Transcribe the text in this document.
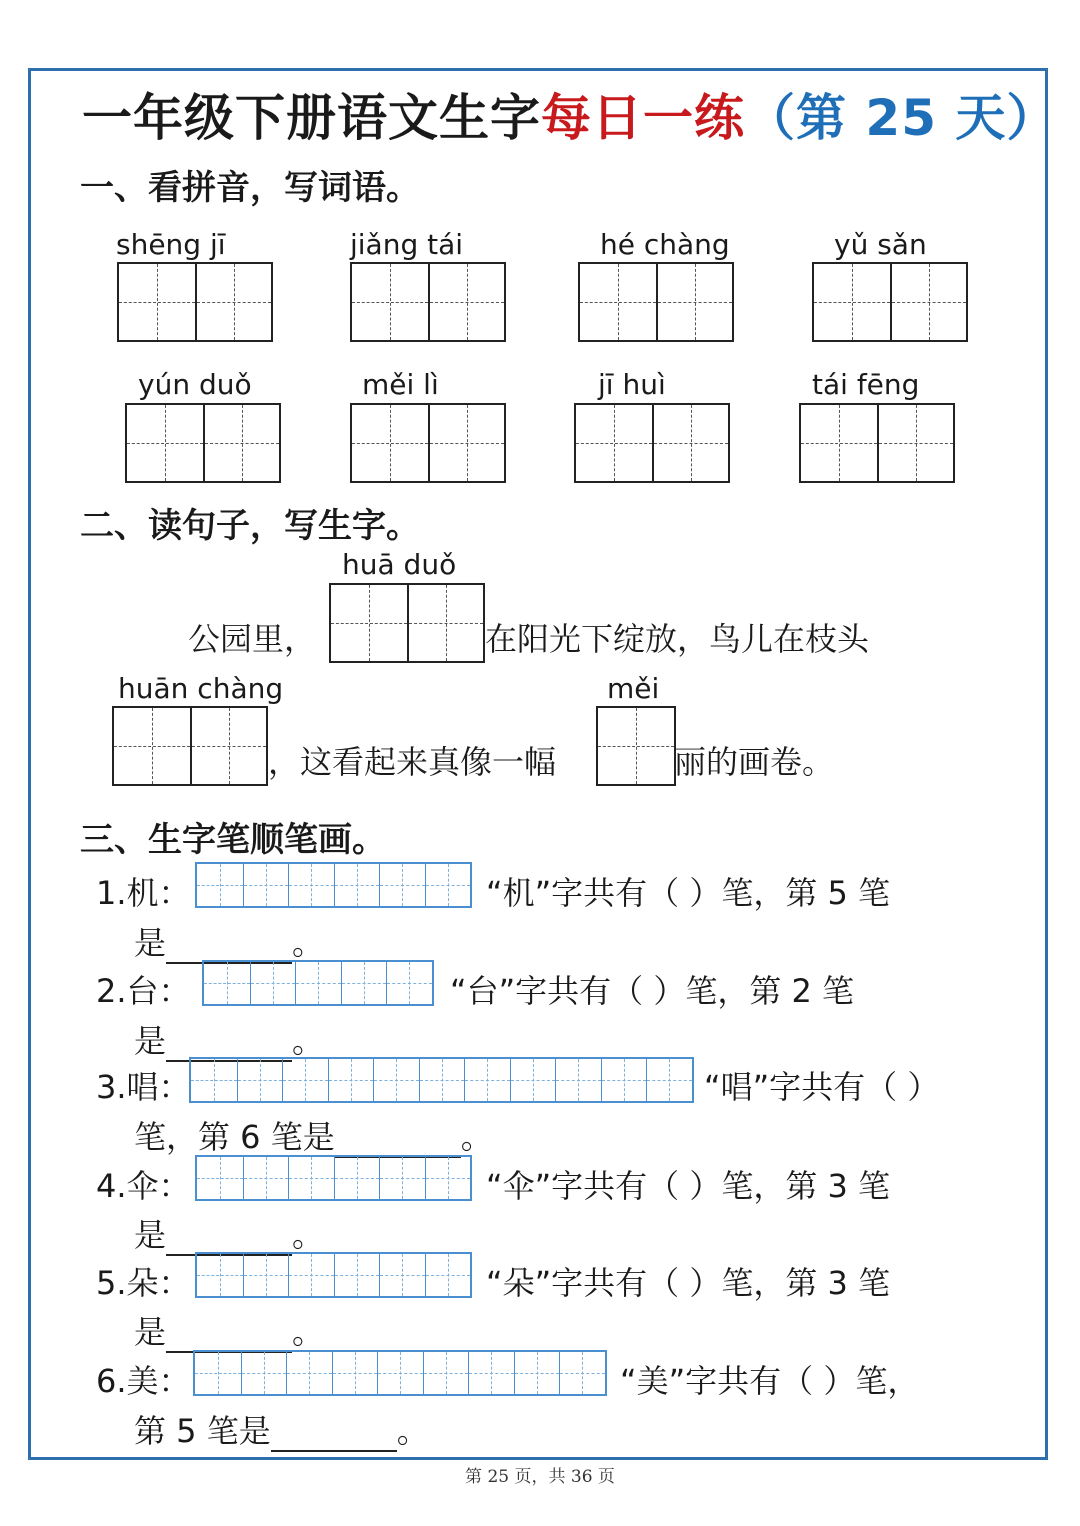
一年级下册语文生字每日一练（第 25 天）
一、看拼音，写词语。
shēng jī	jiǎng tái	hé chàng	yǔ sǎn
yún duǒ	měi lì	jī huì	tái fēng
二、读句子，写生字。
huā duǒ
公园里，	在阳光下绽放，鸟儿在枝头
huān chàng
，这看起来真像一幅
měi
丽的画卷。
三、生字笔顺笔画。
1.机：	“机”字共有（ ）笔，第 5 笔
是	。
2.台：	“台”字共有（ ）笔，第 2 笔
是	。
3.唱：	“唱”字共有（ ）
笔，第 6 笔是	。
4.伞：	“伞”字共有（ ）笔，第 3 笔
是	。
5.朵：	“朵”字共有（ ）笔，第 3 笔
是	。
6.美：	“美”字共有（ ）笔，
第 5 笔是	。
第 25 页，共 36 页
